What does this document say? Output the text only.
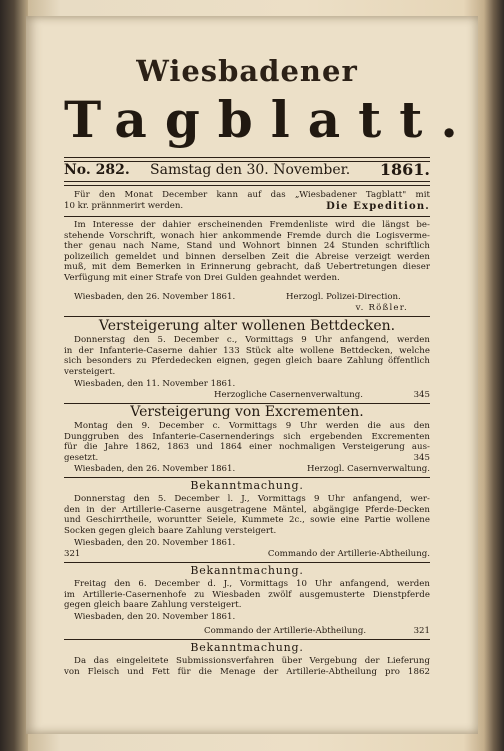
Wiesbadener
Tagblatt.
No. 282. Samstag den 30. November. 1861.
Für den Monat December kann auf das „Wiesbadener Tagblatt" mit
10 kr. prännmerirt werden.	Die Expedition.
Im Interesse der dahier erscheinenden Fremdenliste wird die längst be-
stehende Vorschrift, wonach hier ankommende Fremde durch die Logisverme-
ther genau nach Name, Stand und Wohnort binnen 24 Stunden schriftlich
polizeilich gemeldet und binnen derselben Zeit die Abreise verzeigt werden
muß, mit dem Bemerken in Erinnerung gebracht, daß Uebertretungen dieser
Verfügung mit einer Strafe von Drei Gulden geahndet werden.
Wiesbaden, den 26. November 1861.	Herzogl. Polizei-Direction.
v. Rößler.
Versteigerung alter wollenen Bettdecken.
Donnerstag den 5. December c., Vormittags 9 Uhr anfangend, werden
in der Infanterie-Caserne dahier 133 Stück alte wollene Bettdecken, welche
sich besonders zu Pferdedecken eignen, gegen gleich baare Zahlung öffentlich
versteigert.
Wiesbaden, den 11. November 1861.
Herzogliche Casernenverwaltung.	345
Versteigerung von Excrementen.
Montag den 9. December c. Vormittags 9 Uhr werden die aus den
Dunggruben des Infanterie-Casernenderings sich ergebenden Excrementen
für die Jahre 1862, 1863 und 1864 einer nochmaligen Versteigerung aus-
gesetzt.	345
Wiesbaden, den 26. November 1861.	Herzogl. Casernverwaltung.
Bekanntmachung.
Donnerstag den 5. December l. J., Vormittags 9 Uhr anfangend, wer-
den in der Artillerie-Caserne ausgetragene Mäntel, abgängige Pferde-Decken
und Geschirrtheile, woruntter Seiele, Kummete 2c., sowie eine Partie wollene
Socken gegen gleich baare Zahlung versteigert.
Wiesbaden, den 20. November 1861.
321	Commando der Artillerie-Abtheilung.
Bekanntmachung.
Freitag den 6. December d. J., Vormittags 10 Uhr anfangend, werden
im Artillerie-Casernenhofe zu Wiesbaden zwölf ausgemusterte Dienstpferde
gegen gleich baare Zahlung versteigert.
Wiesbaden, den 20. November 1861.
Commando der Artillerie-Abtheilung.	321
Bekanntmachung.
Da das eingeleitete Submissionsverfahren über Vergebung der Lieferung
von Fleisch und Fett für die Menage der Artillerie-Abtheilung pro 1862
